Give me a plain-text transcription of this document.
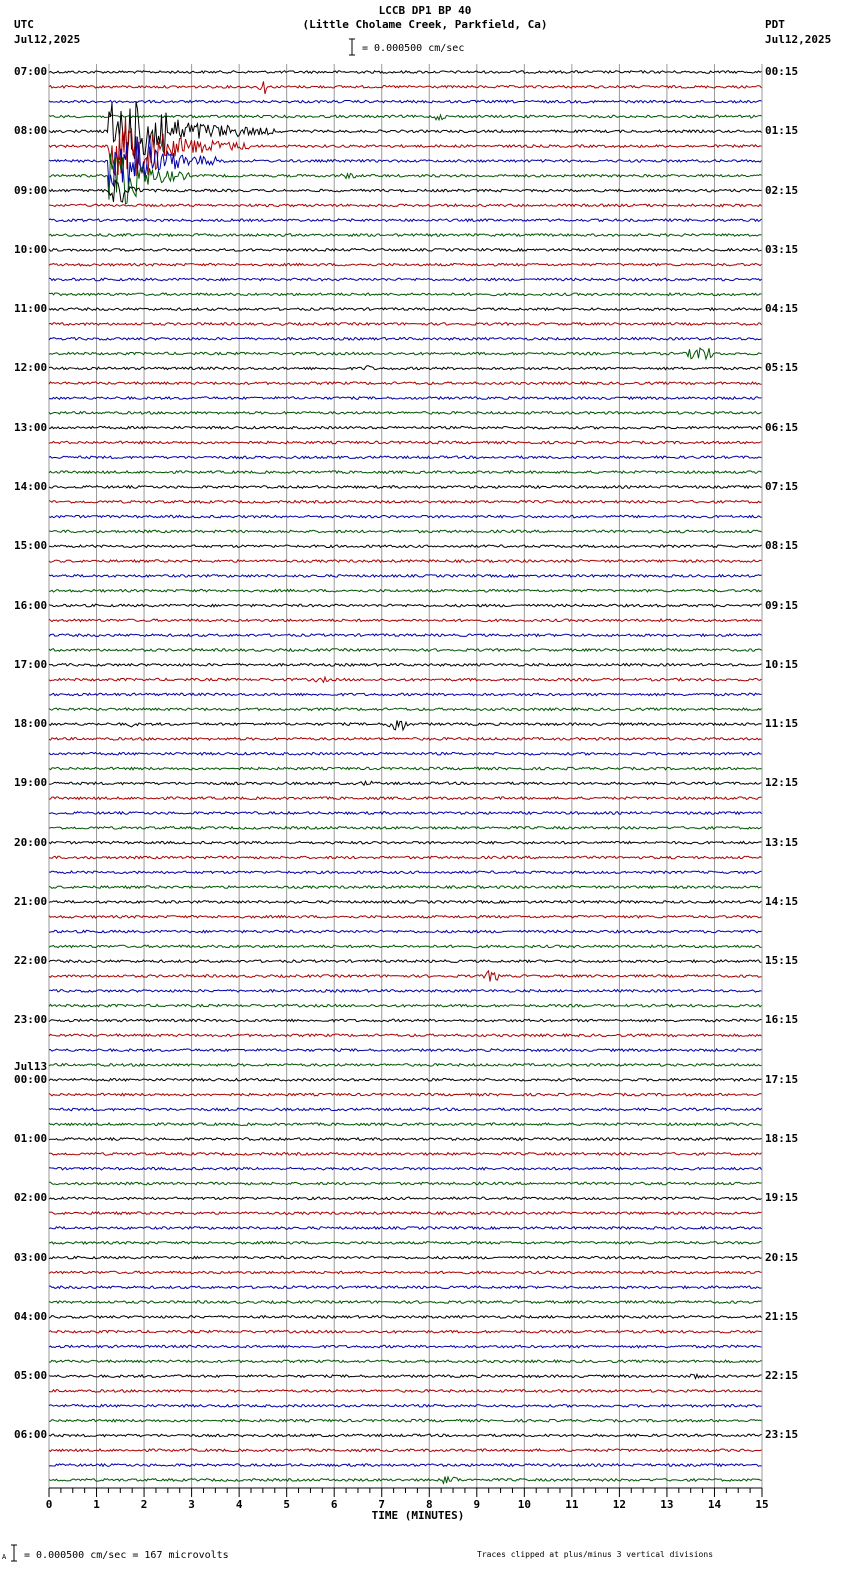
0	1	2	3	4	5	6	7	8	9	10	11	12	13	14	15
LCCB DP1 BP 40
(Little Cholame Creek, Parkfield, Ca)
UTC
Jul12,2025
PDT
Jul12,2025
= 0.000500 cm/sec
07:00	00:15
08:00	01:15
09:00	02:15
10:00	03:15
11:00	04:15
12:00	05:15
13:00	06:15
14:00	07:15
15:00	08:15
16:00	09:15
17:00	10:15
18:00	11:15
19:00	12:15
20:00	13:15
21:00	14:15
22:00	15:15
23:00	16:15
00:00	17:15
Jul13
01:00	18:15
02:00	19:15
03:00	20:15
04:00	21:15
05:00	22:15
06:00	23:15
TIME (MINUTES)
A = 0.000500 cm/sec = 167 microvolts	Traces clipped at plus/minus 3 vertical divisions
